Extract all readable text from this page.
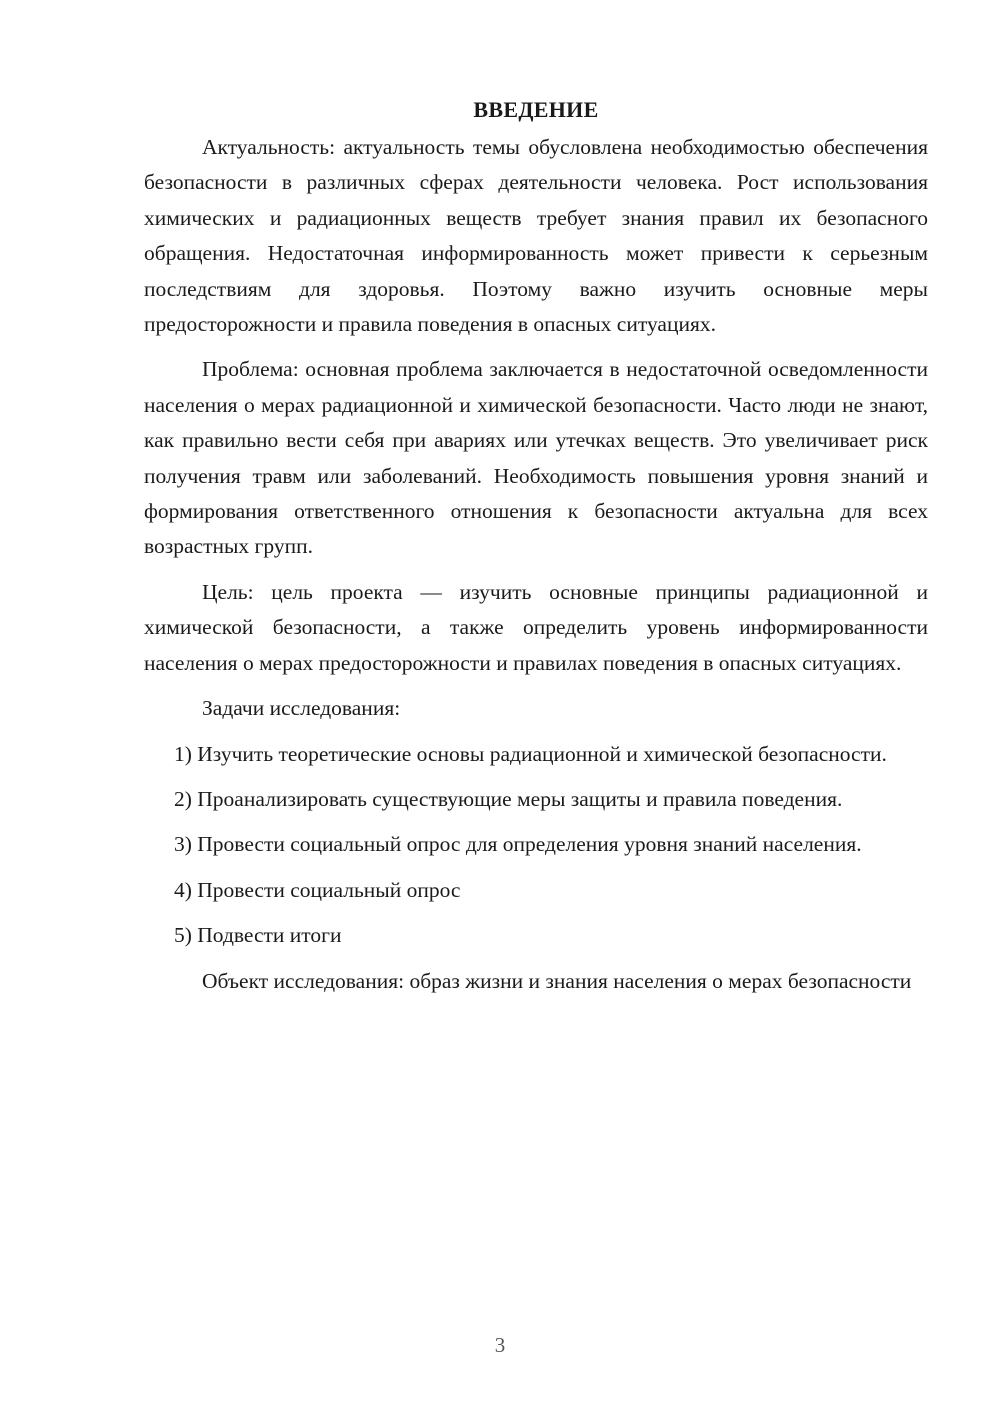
ВВЕДЕНИЕ

Актуальность: актуальность темы обусловлена необходимостью обеспечения безопасности в различных сферах деятельности человека. Рост использования химических и радиационных веществ требует знания правил их безопасного обращения. Недостаточная информированность может привести к серьезным последствиям для здоровья. Поэтому важно изучить основные меры предосторожности и правила поведения в опасных ситуациях.

Проблема: основная проблема заключается в недостаточной осведомленности населения о мерах радиационной и химической безопасности. Часто люди не знают, как правильно вести себя при авариях или утечках веществ. Это увеличивает риск получения травм или заболеваний. Необходимость повышения уровня знаний и формирования ответственного отношения к безопасности актуальна для всех возрастных групп.

Цель: цель проекта — изучить основные принципы радиационной и химической безопасности, а также определить уровень информированности населения о мерах предосторожности и правилах поведения в опасных ситуациях.

Задачи исследования:

1) Изучить теоретические основы радиационной и химической безопасности.

2) Проанализировать существующие меры защиты и правила поведения.

3) Провести социальный опрос для определения уровня знаний населения.

4) Провести социальный опрос

5) Подвести итоги

Объект исследования: образ жизни и знания населения о мерах безопасности

3
